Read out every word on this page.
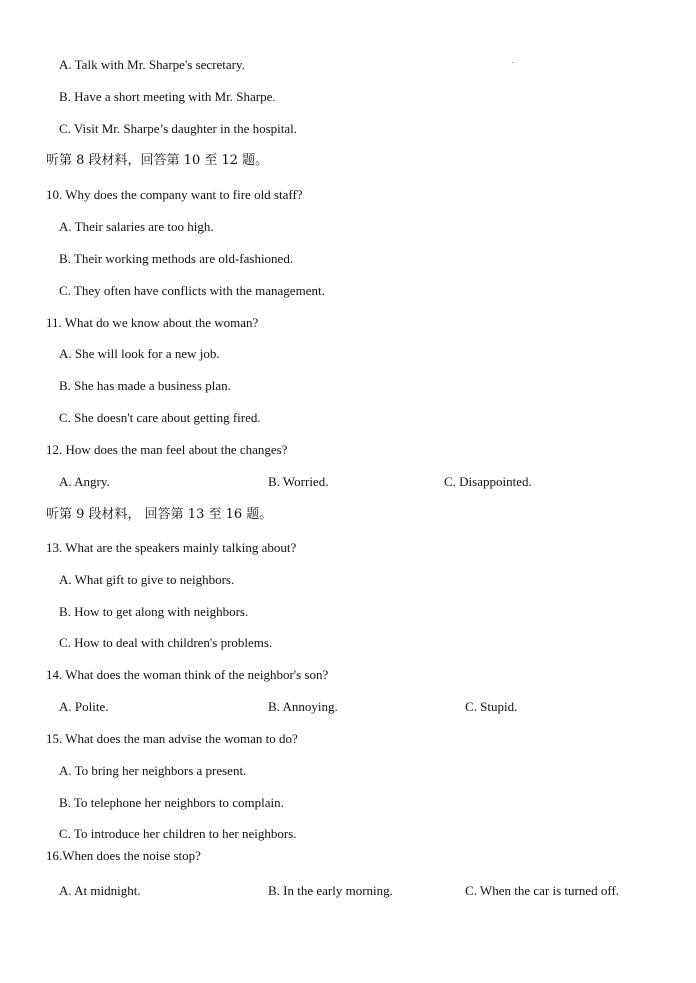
A. Talk with Mr. Sharpe's secretary.
B. Have a short meeting with Mr. Sharpe.
C. Visit Mr. Sharpe’s daughter in the hospital.
听第 8 段材料，回答第 10 至 12 题。
10. Why does the company want to fire old staff?
A. Their salaries are too high.
B. Their working methods are old-fashioned.
C. They often have conflicts with the management.
11. What do we know about the woman?
A. She will look for a new job.
B. She has made a business plan.
C. She doesn't care about getting fired.
12. How does the man feel about the changes?
A. Angry.	B. Worried.	C. Disappointed.
听第 9 段材料， 回答第 13 至 16 题。
13. What are the speakers mainly talking about?
A. What gift to give to neighbors.
B. How to get along with neighbors.
C. How to deal with children's problems.
14. What does the woman think of the neighbor's son?
A. Polite.	B. Annoying.	C. Stupid.
15. What does the man advise the woman to do?
A. To bring her neighbors a present.
B. To telephone her neighbors to complain.
C. To introduce her children to her neighbors.
16.When does the noise stop?
A. At midnight.	B. In the early morning.	C. When the car is turned off.
